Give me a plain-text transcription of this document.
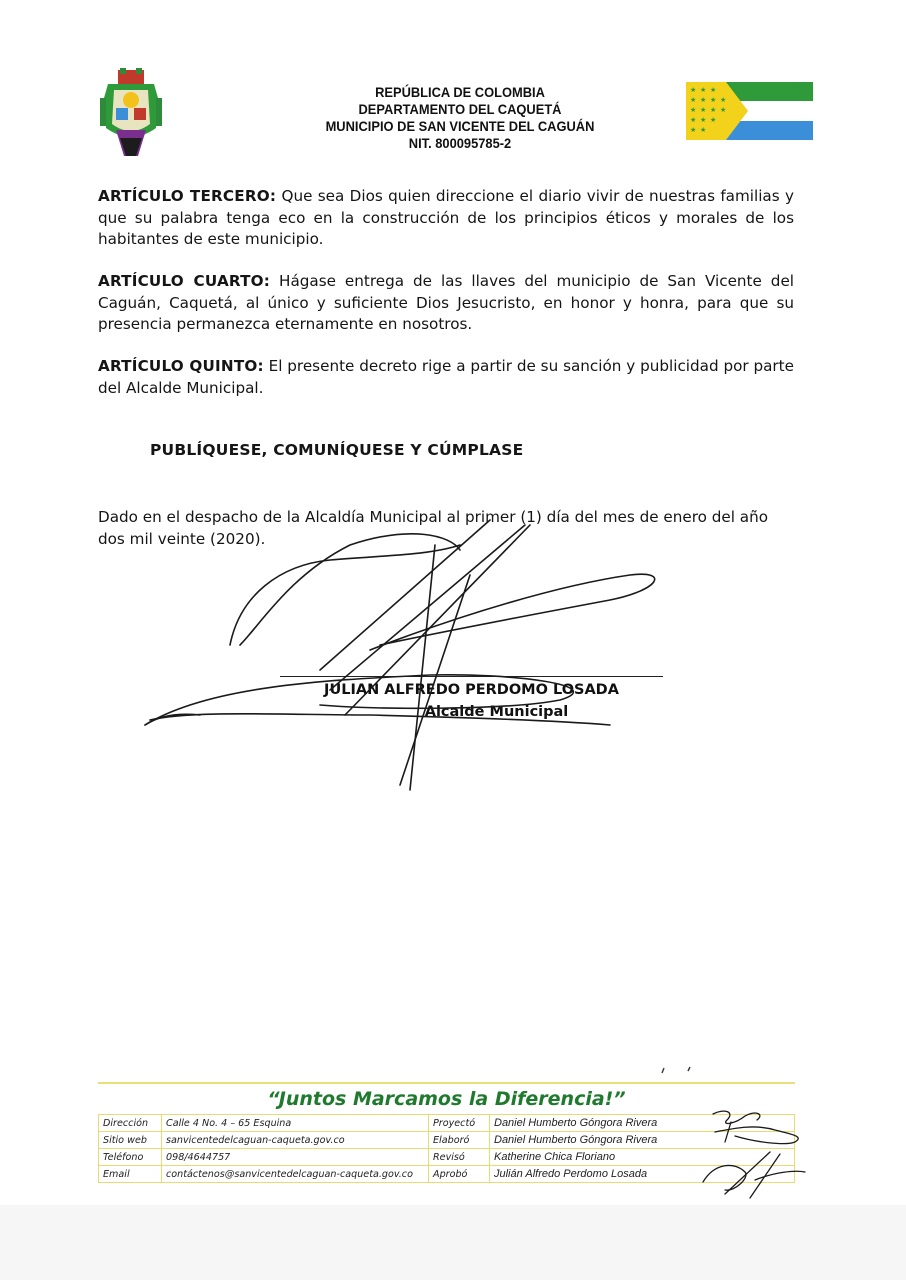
REPÚBLICA DE COLOMBIA
DEPARTAMENTO DEL CAQUETÁ
MUNICIPIO DE SAN VICENTE DEL CAGUÁN
NIT. 800095785-2
★ ★ ★
★ ★ ★ ★
★ ★ ★ ★
★ ★ ★
★ ★
ARTÍCULO TERCERO: Que sea Dios quien direccione el diario vivir de nuestras familias y que su palabra tenga eco en la construcción de los principios éticos y morales de los habitantes de este municipio.
ARTÍCULO CUARTO: Hágase entrega de las llaves del municipio de San Vicente del Caguán, Caquetá, al único y suficiente Dios Jesucristo, en honor y honra, para que su presencia permanezca eternamente en nosotros.
ARTÍCULO QUINTO: El presente decreto rige a partir de su sanción y publicidad por parte del Alcalde Municipal.
PUBLÍQUESE, COMUNÍQUESE Y CÚMPLASE
Dado en el despacho de la Alcaldía Municipal al primer (1) día del mes de enero del año dos mil veinte (2020).
JULIAN ALFREDO PERDOMO LOSADA
Alcalde Municipal
“Juntos Marcamos la Diferencia!”
Dirección	Calle 4 No. 4 – 65 Esquina	Proyectó	Daniel Humberto Góngora Rivera
Sitio web	sanvicentedelcaguan-caqueta.gov.co	Elaboró	Daniel Humberto Góngora Rivera
Teléfono	098/4644757	Revisó	Katherine Chica Floriano
Email	contáctenos@sanvicentedelcaguan-caqueta.gov.co	Aprobó	Julián Alfredo Perdomo Losada
